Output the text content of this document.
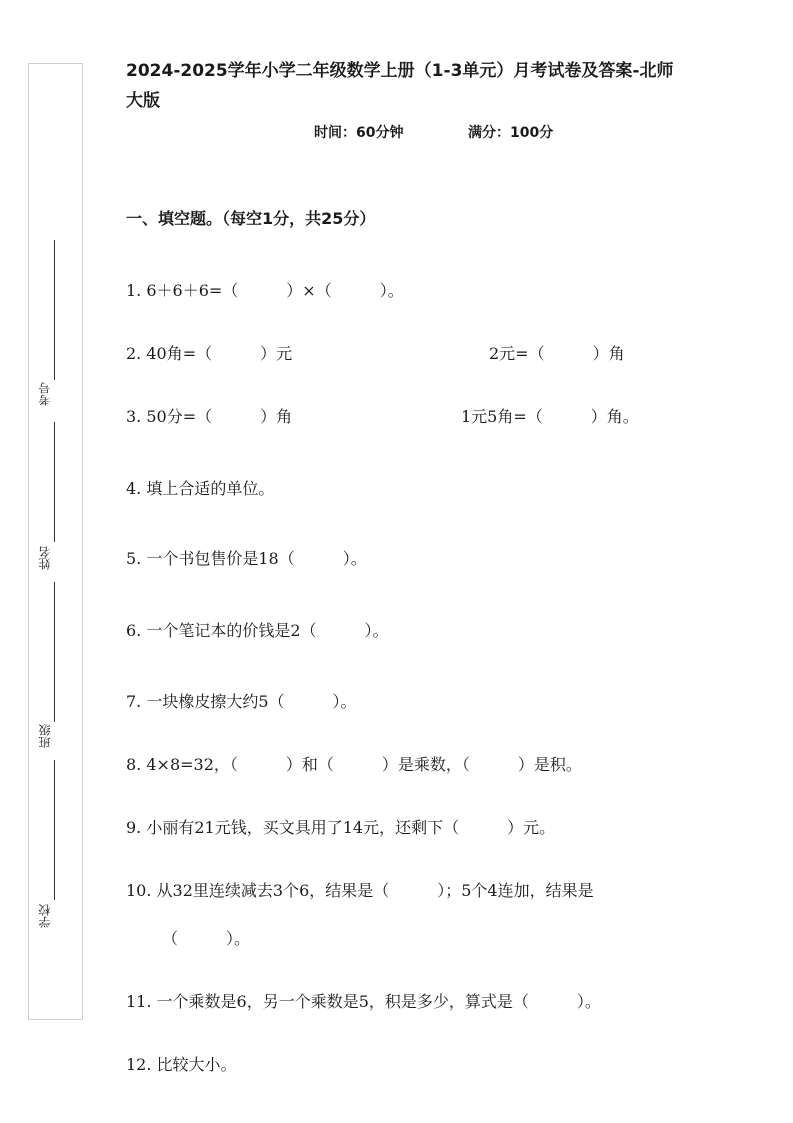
考号
姓名
班级
学校
2024-2025学年小学二年级数学上册（1-3单元）月考试卷及答案-北师
大版
时间：60分钟	满分：100分
一、填空题。（每空1分，共25分）
1. 6＋6＋6=（　　　）×（　　　）。
2. 40角=（　　　）元	2元=（　　　）角
3. 50分=（　　　）角	1元5角=（　　　）角。
4. 填上合适的单位。
5. 一个书包售价是18（　　　）。
6. 一个笔记本的价钱是2（　　　）。
7. 一块橡皮擦大约5（　　　）。
8. 4×8=32，（　　　）和（　　　）是乘数，（　　　）是积。
9. 小丽有21元钱，买文具用了14元，还剩下（　　　）元。
10. 从32里连续减去3个6，结果是（　　　）；5个4连加，结果是
（　　　）。
11. 一个乘数是6，另一个乘数是5，积是多少，算式是（　　　）。
12. 比较大小。
